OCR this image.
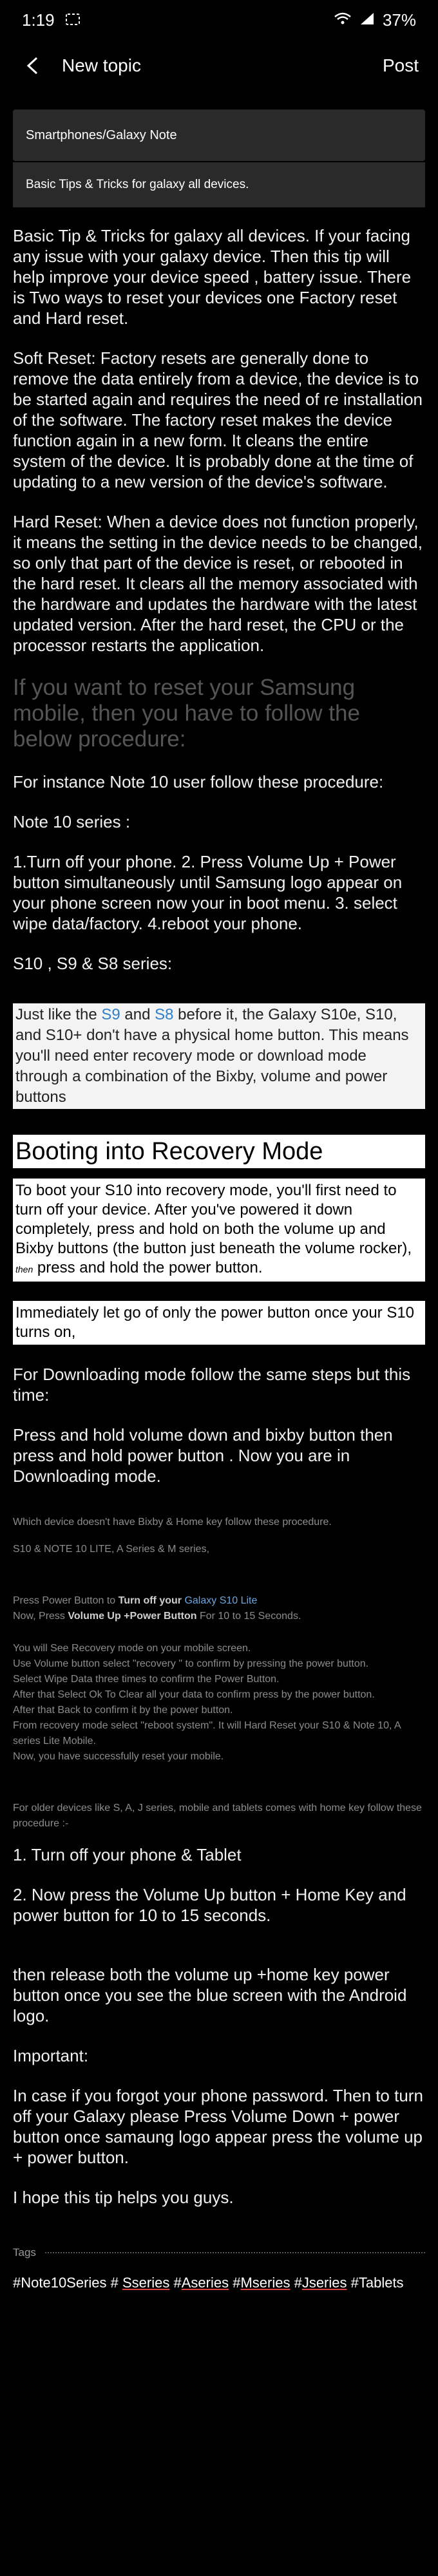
1:19	37%
New topic	Post
Smartphones/Galaxy Note
Basic Tips & Tricks for galaxy all devices.

Basic Tip & Tricks for galaxy all devices. If your facing any issue with your galaxy device. Then this tip will help improve your device speed , battery issue. There is Two ways to reset your devices one Factory reset and Hard reset.

Soft Reset: Factory resets are generally done to remove the data entirely from a device, the device is to be started again and requires the need of re installation of the software. The factory reset makes the device function again in a new form. It cleans the entire system of the device. It is probably done at the time of updating to a new version of the device's software.

Hard Reset: When a device does not function properly, it means the setting in the device needs to be changed, so only that part of the device is reset, or rebooted in the hard reset. It clears all the memory associated with the hardware and updates the hardware with the latest updated version. After the hard reset, the CPU or the processor restarts the application.

If you want to reset your Samsung mobile, then you have to follow the below procedure:

For instance Note 10 user follow these procedure:

Note 10 series :

1.Turn off your phone. 2. Press Volume Up + Power button simultaneously until Samsung logo appear on your phone screen now your in boot menu. 3. select wipe data/factory. 4.reboot your phone.

S10 , S9 & S8 series:

Just like the S9 and S8 before it, the Galaxy S10e, S10, and S10+ don't have a physical home button. This means you'll need enter recovery mode or download mode through a combination of the Bixby, volume and power buttons
Booting into Recovery Mode
To boot your S10 into recovery mode, you'll first need to turn off your device. After you've powered it down completely, press and hold on both the volume up and Bixby buttons (the button just beneath the volume rocker), then press and hold the power button.
Immediately let go of only the power button once your S10 turns on,

For Downloading mode follow the same steps but this time:

Press and hold volume down and bixby button then press and hold power button . Now you are in Downloading mode.

Which device doesn't have Bixby & Home key follow these procedure.

S10 & NOTE 10 LITE, A Series & M series,

Press Power Button to Turn off your Galaxy S10 Lite
Now, Press Volume Up +Power Button For 10 to 15 Seconds.

You will See Recovery mode on your mobile screen.
Use Volume button select "recovery " to confirm by pressing the power button.
Select Wipe Data three times to confirm the Power Button.
After that Select Ok To Clear all your data to confirm press by the power button.
After that Back to confirm it by the power button.
From recovery mode select "reboot system". It will Hard Reset your S10 & Note 10, A series Lite Mobile.
Now, you have successfully reset your mobile.

For older devices like S, A, J series, mobile and tablets comes with home key follow these procedure :-

1. Turn off your phone & Tablet

2. Now press the Volume Up button + Home Key and power button for 10 to 15 seconds.

then release both the volume up +home key power button once you see the blue screen with the Android logo.

Important:

In case if you forgot your phone password. Then to turn off your Galaxy please Press Volume Down + power button once samaung logo appear press the volume up + power button.

I hope this tip helps you guys.

Tags
#Note10Series # Sseries #Aseries #Mseries #Jseries #Tablets
